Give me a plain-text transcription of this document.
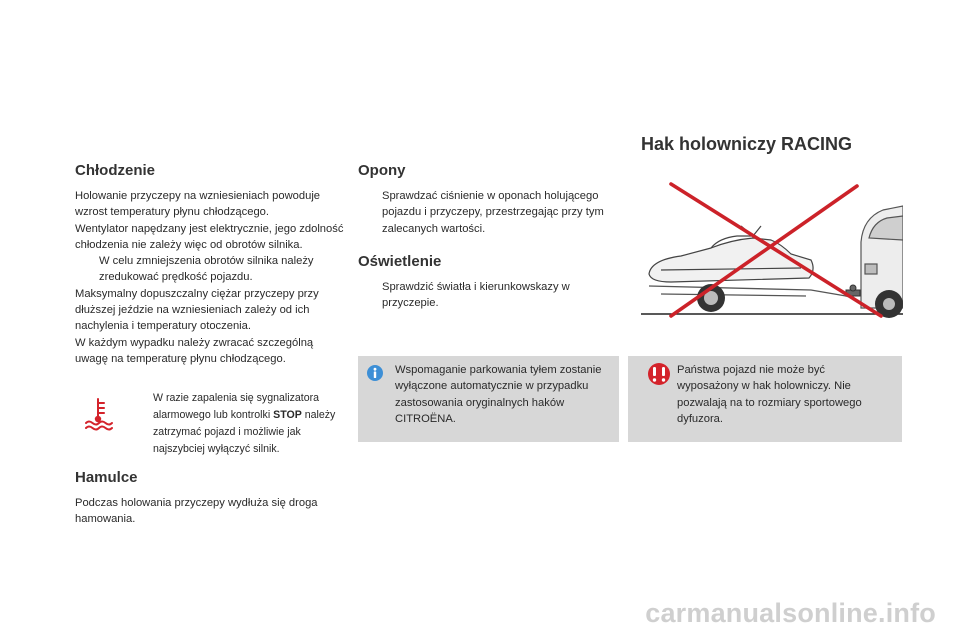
Chłodzenie

Holowanie przyczepy na wzniesieniach powoduje wzrost temperatury płynu chłodzącego.

Wentylator napędzany jest elektrycznie, jego zdolność chłodzenia nie zależy więc od obrotów silnika.

W celu zmniejszenia obrotów silnika należy zredukować prędkość pojazdu.

Maksymalny dopuszczalny ciężar przyczepy przy dłuższej jeździe na wzniesieniach zależy od ich nachylenia i temperatury otoczenia.

W każdym wypadku należy zwracać szczególną uwagę na temperaturę płynu chłodzącego.

W razie zapalenia się sygnalizatora alarmowego lub kontrolki STOP należy zatrzymać pojazd i możliwie jak najszybciej wyłączyć silnik.
Hamulce
Podczas holowania przyczepy wydłuża się droga hamowania.
Opony
Sprawdzać ciśnienie w oponach holującego pojazdu i przyczepy, przestrzegając przy tym zalecanych wartości.
Oświetlenie
Sprawdzić światła i kierunkowskazy w przyczepie.
Wspomaganie parkowania tyłem zostanie wyłączone automatycznie w przypadku zastosowania oryginalnych haków CITROËNA.
Hak holowniczy RACING
Państwa pojazd nie może być wyposażony w hak holowniczy. Nie pozwalają na to rozmiary sportowego dyfuzora.
carmanualsonline.info
